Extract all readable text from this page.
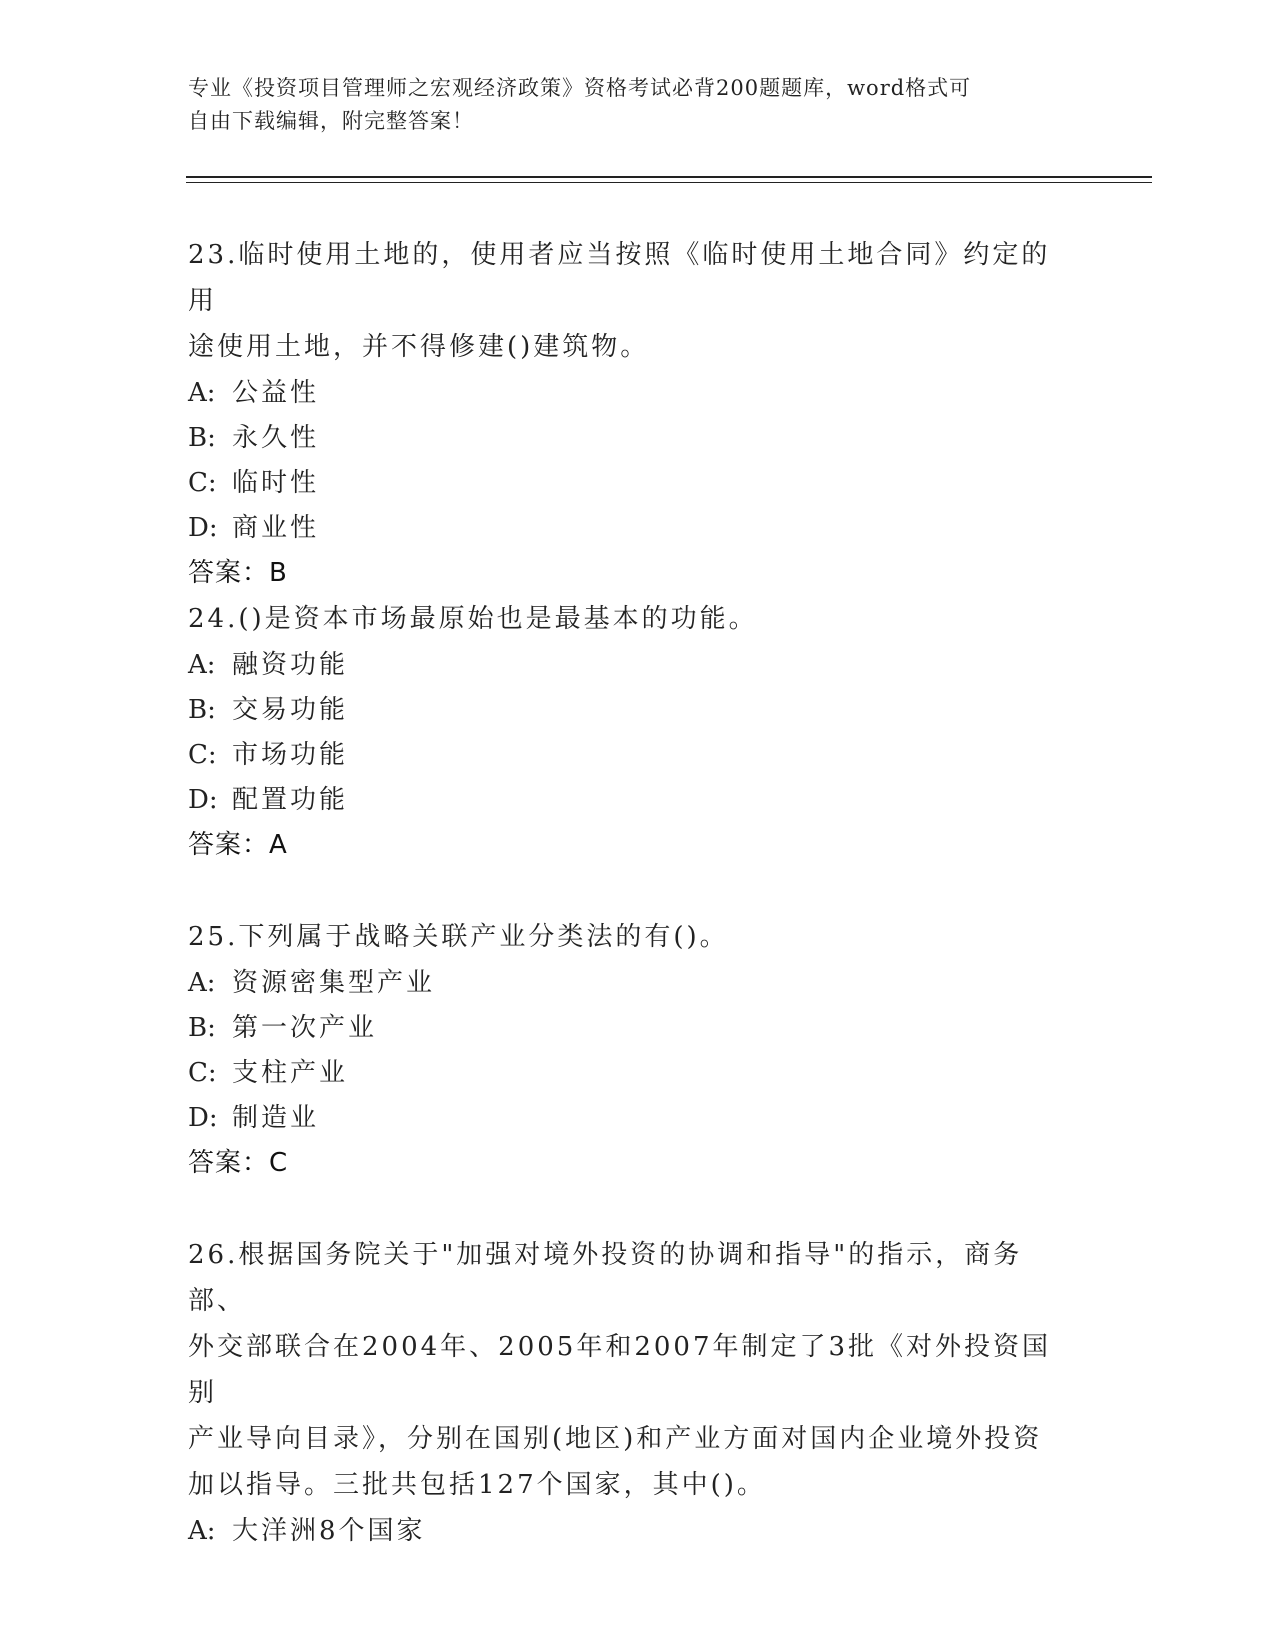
专业《投资项目管理师之宏观经济政策》资格考试必背200题题库，word格式可
自由下载编辑，附完整答案！

23.临时使用土地的，使用者应当按照《临时使用土地合同》约定的用

途使用土地，并不得修建()建筑物。

A: 公益性

B: 永久性

C: 临时性

D: 商业性

答案：B

24.()是资本市场最原始也是最基本的功能。

A: 融资功能

B: 交易功能

C: 市场功能

D: 配置功能

答案：A

25.下列属于战略关联产业分类法的有()。

A: 资源密集型产业

B: 第一次产业

C: 支柱产业

D: 制造业

答案：C

26.根据国务院关于"加强对境外投资的协调和指导"的指示，商务部、

外交部联合在2004年、2005年和2007年制定了3批《对外投资国别

产业导向目录》，分别在国别(地区)和产业方面对国内企业境外投资

加以指导。三批共包括127个国家，其中()。

A: 大洋洲8个国家
